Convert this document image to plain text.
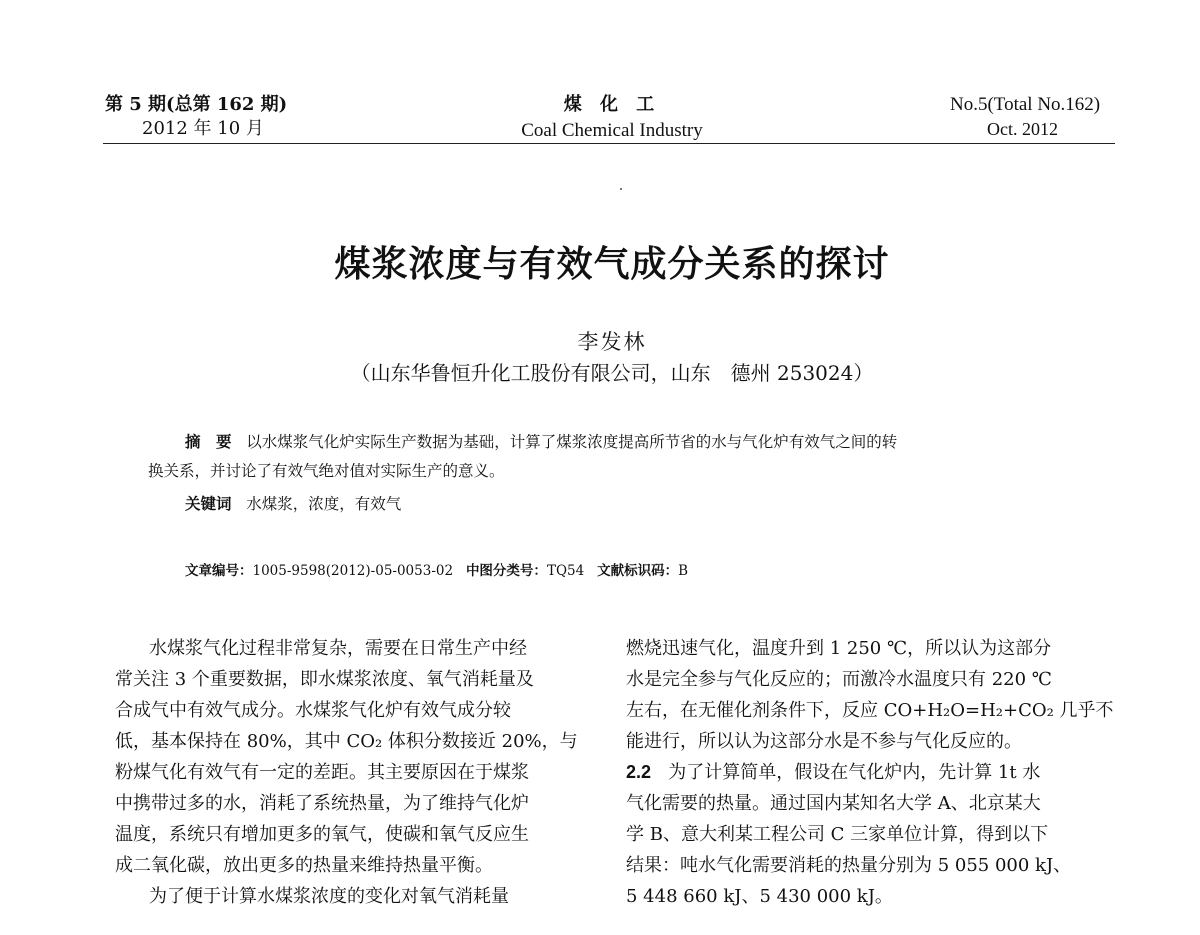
第 5 期(总第 162 期)
2012 年 10 月
煤 化 工
Coal Chemical Industry
No.5(Total No.162)
Oct. 2012
煤浆浓度与有效气成分关系的探讨
李发林
（山东华鲁恒升化工股份有限公司，山东　德州 253024）
摘　要 以水煤浆气化炉实际生产数据为基础，计算了煤浆浓度提高所节省的水与气化炉有效气之间的转
换关系，并讨论了有效气绝对值对实际生产的意义。
关键词 水煤浆，浓度，有效气
文章编号：1005-9598(2012)-05-0053-02 中图分类号：TQ54 文献标识码：B
水煤浆气化过程非常复杂，需要在日常生产中经
常关注 3 个重要数据，即水煤浆浓度、氧气消耗量及
合成气中有效气成分。水煤浆气化炉有效气成分较
低，基本保持在 80%，其中 CO₂ 体积分数接近 20%，与
粉煤气化有效气有一定的差距。其主要原因在于煤浆
中携带过多的水，消耗了系统热量，为了维持气化炉
温度，系统只有增加更多的氧气，使碳和氧气反应生
成二氧化碳，放出更多的热量来维持热量平衡。
为了便于计算水煤浆浓度的变化对氧气消耗量
燃烧迅速气化，温度升到 1 250 ℃，所以认为这部分
水是完全参与气化反应的；而激冷水温度只有 220 ℃
左右，在无催化剂条件下，反应 CO+H₂O=H₂+CO₂ 几乎不
能进行，所以认为这部分水是不参与气化反应的。
2.2 为了计算简单，假设在气化炉内，先计算 1t 水
气化需要的热量。通过国内某知名大学 A、北京某大
学 B、意大利某工程公司 C 三家单位计算，得到以下
结果：吨水气化需要消耗的热量分别为 5 055 000 kJ、
5 448 660 kJ、5 430 000 kJ。
